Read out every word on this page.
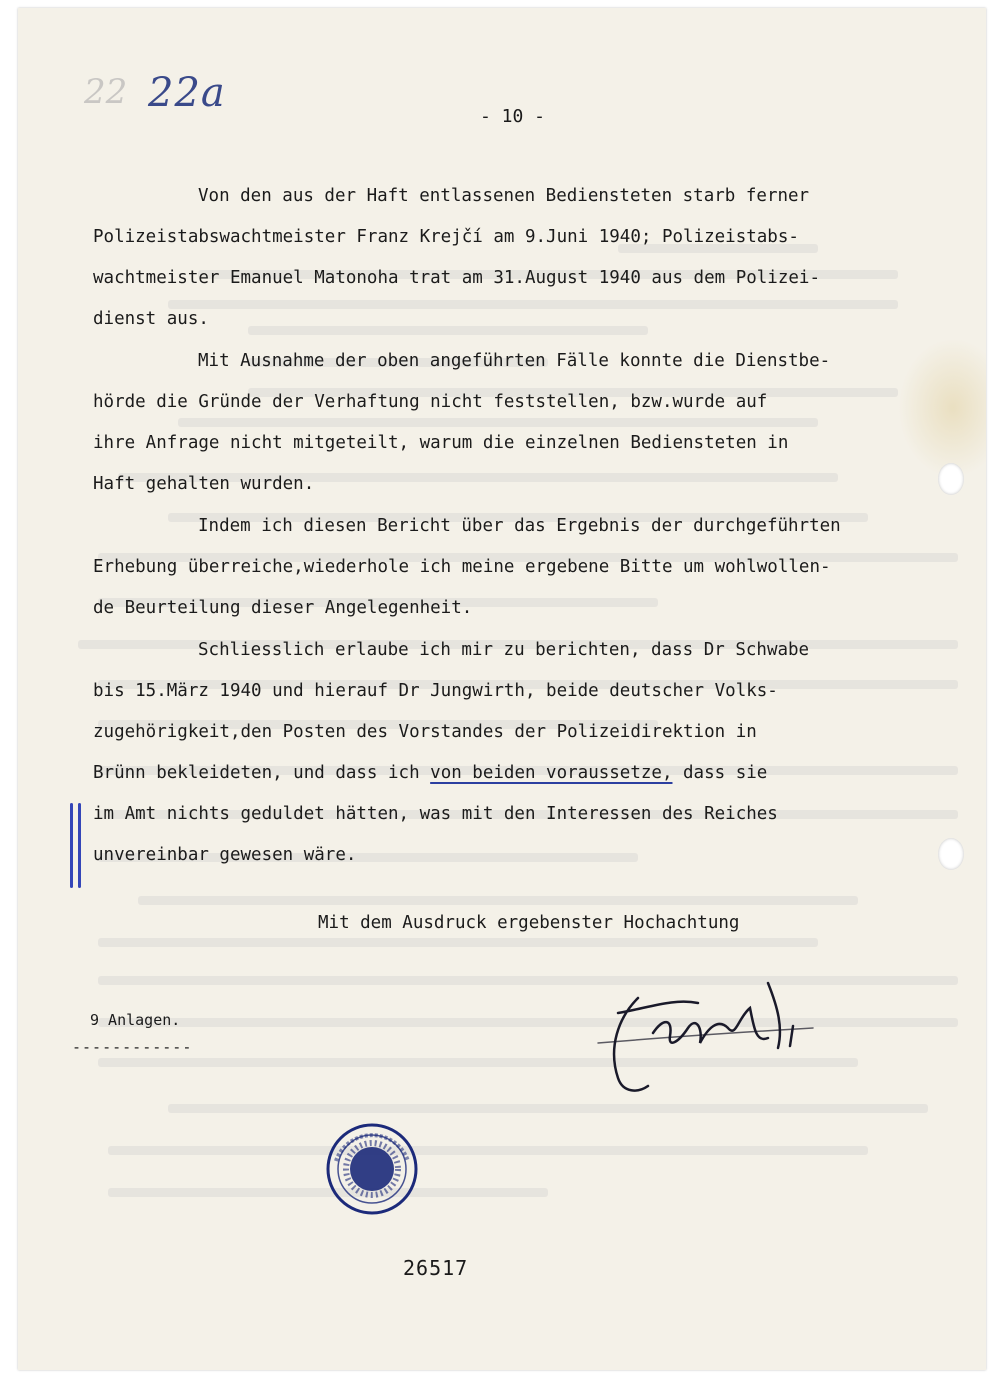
22 22a
- 10 -

Von den aus der Haft entlassenen Bediensteten starb ferner
Polizeistabswachtmeister Franz Krejčí am 9.Juni 1940; Polizeistabs-
wachtmeister Emanuel Matonoha trat am 31.August 1940 aus dem Polizei-
dienst aus.

Mit Ausnahme der oben angeführten Fälle konnte die Dienstbe-
hörde die Gründe der Verhaftung nicht feststellen, bzw.wurde auf
ihre Anfrage nicht mitgeteilt, warum die einzelnen Bediensteten in
Haft gehalten wurden.

Indem ich diesen Bericht über das Ergebnis der durchgeführten
Erhebung überreiche,wiederhole ich meine ergebene Bitte um wohlwollen-
de Beurteilung dieser Angelegenheit.

Schliesslich erlaube ich mir zu berichten, dass Dr Schwabe
bis 15.März 1940 und hierauf Dr Jungwirth, beide deutscher Volks-
zugehörigkeit,den Posten des Vorstandes der Polizeidirektion in
Brünn bekleideten, und dass ich von beiden voraussetze, dass sie
im Amt nichts geduldet hätten, was mit den Interessen des Reiches
unvereinbar gewesen wäre.

Mit dem Ausdruck ergebenster Hochachtung
9 Anlagen.
------------
26517
